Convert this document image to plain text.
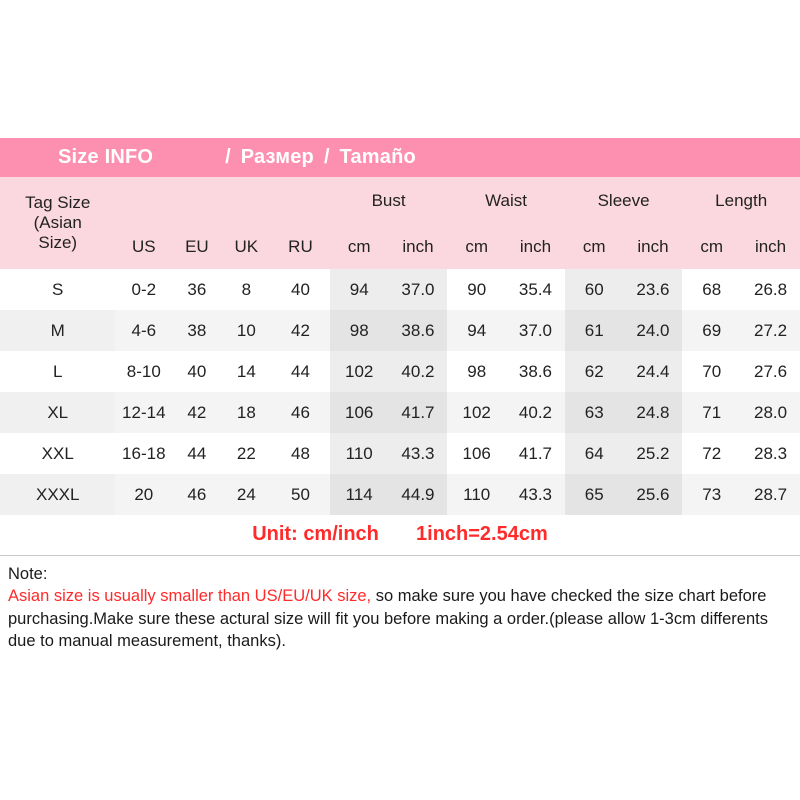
Size INFO	/ Размер / Tamaño
Tag Size
(Asian
Size)					Bust		Waist		Sleeve		Length	
	US	EU	UK	RU	cm	inch	cm	inch	cm	inch	cm	inch
S	0-2	36	8	40	94	37.0	90	35.4	60	23.6	68	26.8
M	4-6	38	10	42	98	38.6	94	37.0	61	24.0	69	27.2
L	8-10	40	14	44	102	40.2	98	38.6	62	24.4	70	27.6
XL	12-14	42	18	46	106	41.7	102	40.2	63	24.8	71	28.0
XXL	16-18	44	22	48	110	43.3	106	41.7	64	25.2	72	28.3
XXXL	20	46	24	50	114	44.9	110	43.3	65	25.6	73	28.7
Unit: cm/inch 1inch=2.54cm
Note:
Asian size is usually smaller than US/EU/UK size, so make sure you have checked the size chart before purchasing.Make sure these actural size will fit you before making a order.(please allow 1-3cm differents due to manual measurement, thanks).
